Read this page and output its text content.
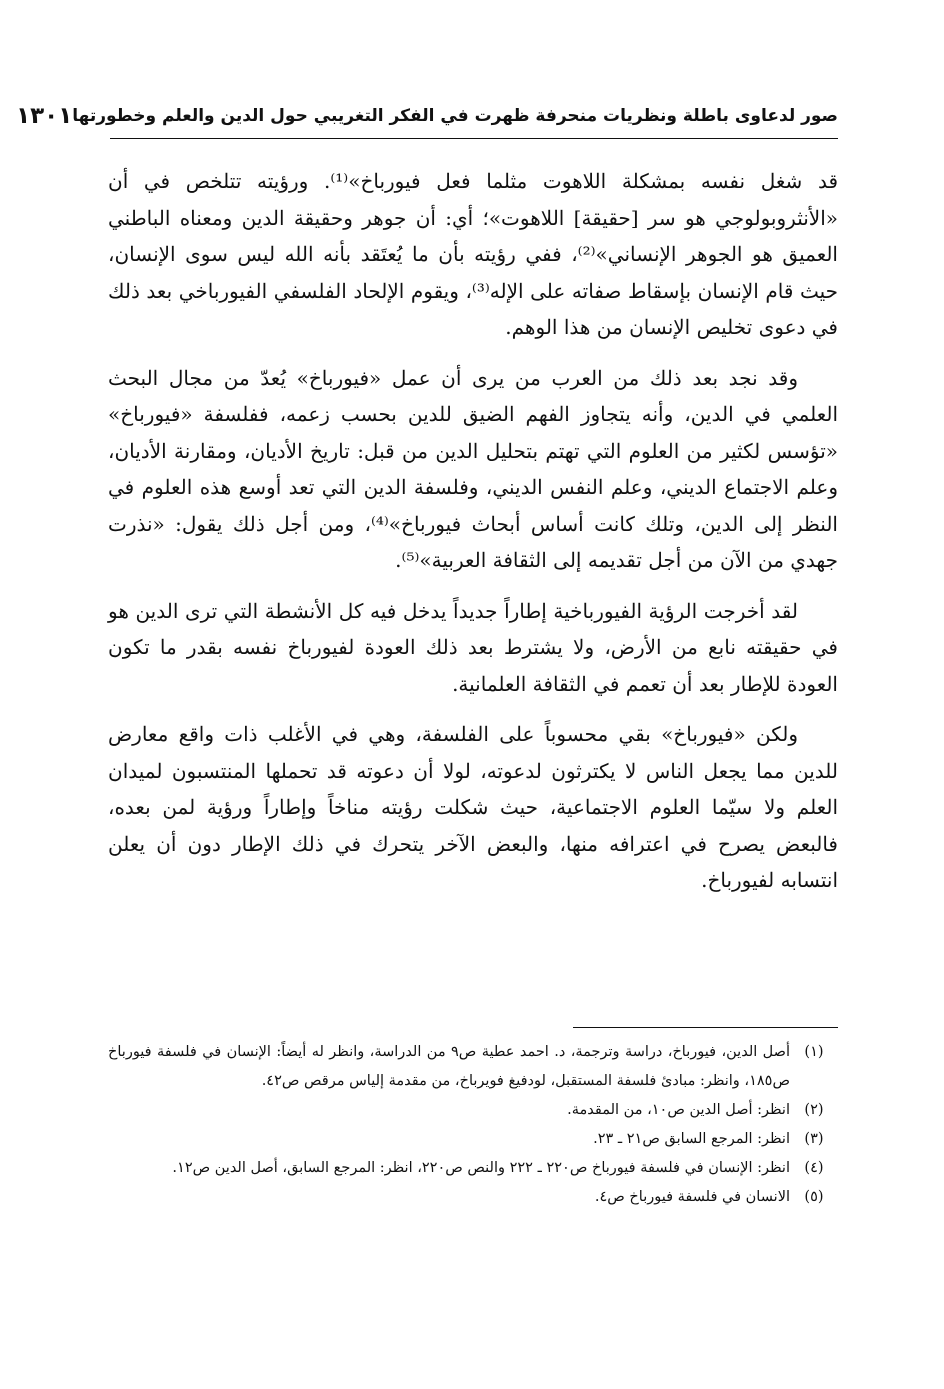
صور لدعاوى باطلة ونظريات منحرفة ظهرت في الفكر التغريبي حول الدين والعلم وخطورتها
١٣٠١

قد شغل نفسه بمشكلة اللاهوت مثلما فعل فيورباخ»⁽¹⁾. ورؤيته تتلخص في أن «الأنثروبولوجي هو سر [حقيقة] اللاهوت»؛ أي: أن جوهر وحقيقة الدين ومعناه الباطني العميق هو الجوهر الإنساني»⁽²⁾، ففي رؤيته بأن ما يُعتَقد بأنه الله ليس سوى الإنسان، حيث قام الإنسان بإسقاط صفاته على الإله⁽³⁾، ويقوم الإلحاد الفلسفي الفيورباخي بعد ذلك في دعوى تخليص الإنسان من هذا الوهم.

وقد نجد بعد ذلك من العرب من يرى أن عمل «فيورباخ» يُعدّ من مجال البحث العلمي في الدين، وأنه يتجاوز الفهم الضيق للدين بحسب زعمه، ففلسفة «فيورباخ» «تؤسس لكثير من العلوم التي تهتم بتحليل الدين من قبل: تاريخ الأديان، ومقارنة الأديان، وعلم الاجتماع الديني، وعلم النفس الديني، وفلسفة الدين التي تعد أوسع هذه العلوم في النظر إلى الدين، وتلك كانت أساس أبحاث فيورباخ»⁽⁴⁾، ومن أجل ذلك يقول: «نذرت جهدي من الآن من أجل تقديمه إلى الثقافة العربية»⁽⁵⁾.

لقد أخرجت الرؤية الفيورباخية إطاراً جديداً يدخل فيه كل الأنشطة التي ترى الدين هو في حقيقته نابع من الأرض، ولا يشترط بعد ذلك العودة لفيورباخ نفسه بقدر ما تكون العودة للإطار بعد أن تعمم في الثقافة العلمانية.

ولكن «فيورباخ» بقي محسوباً على الفلسفة، وهي في الأغلب ذات واقع معارض للدين مما يجعل الناس لا يكترثون لدعوته، لولا أن دعوته قد تحملها المنتسبون لميدان العلم ولا سيّما العلوم الاجتماعية، حيث شكلت رؤيته مناخاً وإطاراً ورؤية لمن بعده، فالبعض يصرح في اعترافه منها، والبعض الآخر يتحرك في ذلك الإطار دون أن يعلن انتسابه لفيورباخ.

(١)
أصل الدين، فيورباخ، دراسة وترجمة، د. احمد عطية ص٩ من الدراسة، وانظر له أيضاً: الإنسان في فلسفة فيورباخ ص١٨٥، وانظر: مبادئ فلسفة المستقبل، لودفيغ فويرباخ، من مقدمة إلياس مرقص ص٤٢.
(٢)
انظر: أصل الدين ص١٠، من المقدمة.
(٣)
انظر: المرجع السابق ص٢١ ـ ٢٣.
(٤)
انظر: الإنسان في فلسفة فيورباخ ص٢٢٠ ـ ٢٢٢ والنص ص٢٢٠، انظر: المرجع السابق، أصل الدين ص١٢.
(٥)
الانسان في فلسفة فيورباخ ص٤.
